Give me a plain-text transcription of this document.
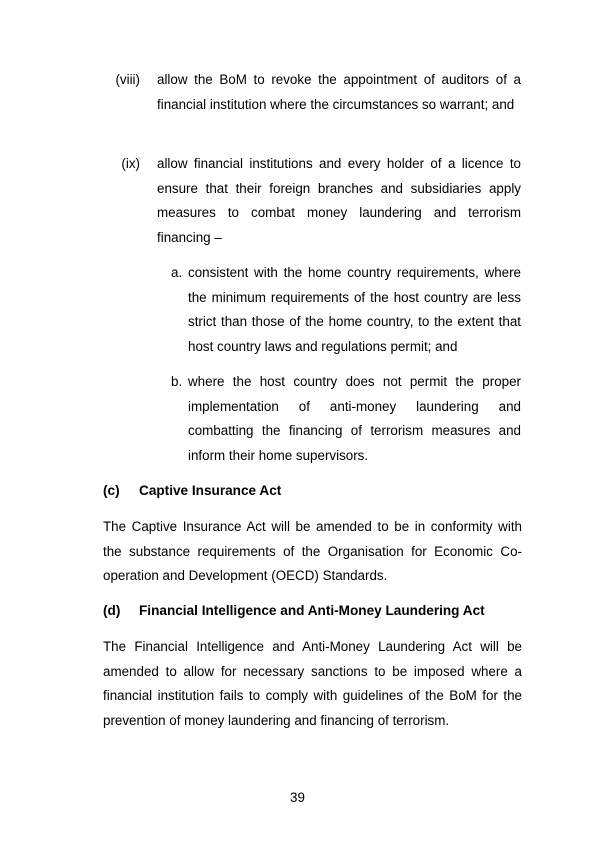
(viii) allow the BoM to revoke the appointment of auditors of a financial institution where the circumstances so warrant; and

(ix) allow financial institutions and every holder of a licence to ensure that their foreign branches and subsidiaries apply measures to combat money laundering and terrorism financing –

a. consistent with the home country requirements, where the minimum requirements of the host country are less strict than those of the home country, to the extent that host country laws and regulations permit; and

b. where the host country does not permit the proper implementation of anti-money laundering and combatting the financing of terrorism measures and inform their home supervisors.

(c) Captive Insurance Act

The Captive Insurance Act will be amended to be in conformity with the substance requirements of the Organisation for Economic Co-operation and Development (OECD) Standards.

(d) Financial Intelligence and Anti-Money Laundering Act

The Financial Intelligence and Anti-Money Laundering Act will be amended to allow for necessary sanctions to be imposed where a financial institution fails to comply with guidelines of the BoM for the prevention of money laundering and financing of terrorism.

39
